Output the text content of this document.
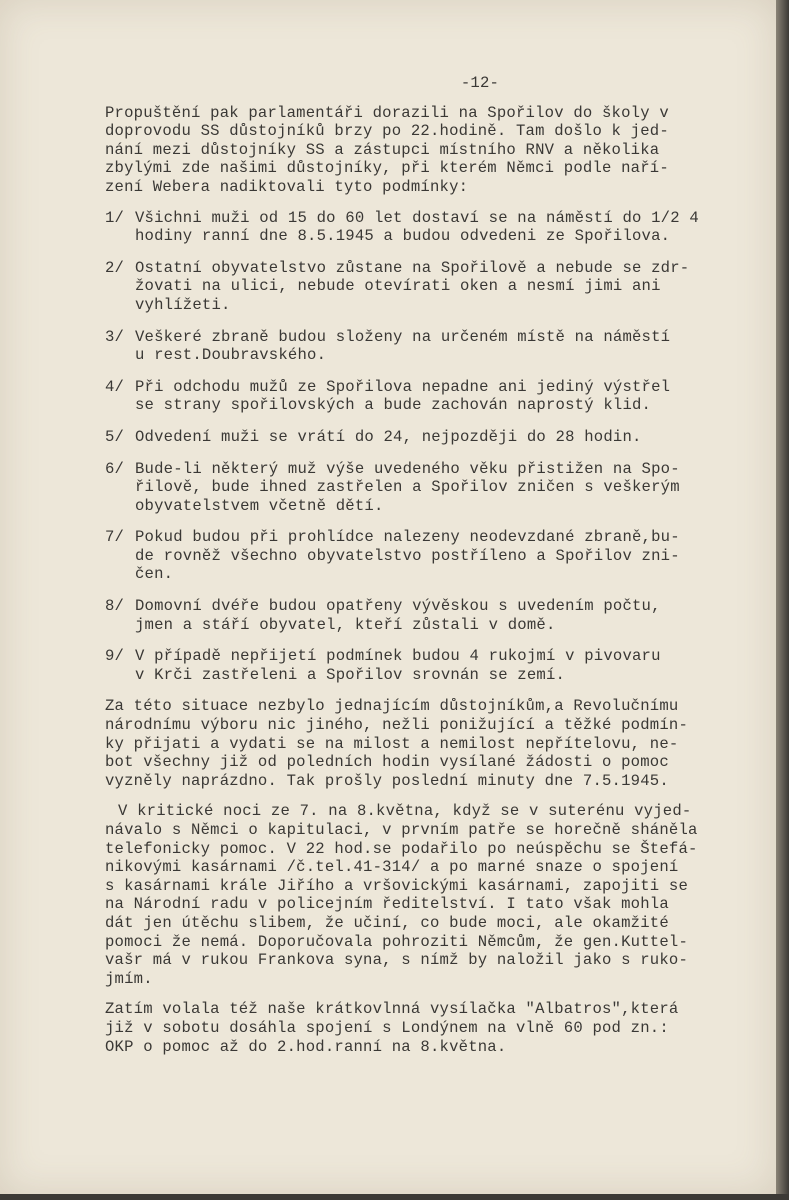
-12-
Propuštění pak parlamentáři dorazili na Spořilov do školy v
doprovodu SS důstojníků brzy po 22.hodině. Tam došlo k jed-
nání mezi důstojníky SS a zástupci místního RNV a několika
zbylými zde našimi důstojníky, při kterém Němci podle naří-
zení Webera nadiktovali tyto podmínky:
1/ Všichni muži od 15 do 60 let dostaví se na náměstí do 1/2 4
hodiny ranní dne 8.5.1945 a budou odvedeni ze Spořilova.
2/ Ostatní obyvatelstvo zůstane na Spořilově a nebude se zdr-
žovati na ulici, nebude otevírati oken a nesmí jimi ani
vyhlížeti.
3/ Veškeré zbraně budou složeny na určeném místě na náměstí
u rest.Doubravského.
4/ Při odchodu mužů ze Spořilova nepadne ani jediný výstřel
se strany spořilovských a bude zachován naprostý klid.
5/ Odvedení muži se vrátí do 24, nejpozději do 28 hodin.
6/ Bude-li některý muž výše uvedeného věku přistižen na Spo-
řilově, bude ihned zastřelen a Spořilov zničen s veškerým
obyvatelstvem včetně dětí.
7/ Pokud budou při prohlídce nalezeny neodevzdané zbraně,bu-
de rovněž všechno obyvatelstvo postříleno a Spořilov zni-
čen.
8/ Domovní dvéře budou opatřeny vývěskou s uvedením počtu,
jmen a stáří obyvatel, kteří zůstali v domě.
9/ V případě nepřijetí podmínek budou 4 rukojmí v pivovaru
v Krči zastřeleni a Spořilov srovnán se zemí.
Za této situace nezbylo jednajícím důstojníkům,a Revolučnímu
národnímu výboru nic jiného, nežli ponižující a těžké podmín-
ky přijati a vydati se na milost a nemilost nepřítelovu, ne-
bot všechny již od poledních hodin vysílané žádosti o pomoc
vyzněly naprázdno. Tak prošly poslední minuty dne 7.5.1945.
V kritické noci ze 7. na 8.května, když se v suterénu vyjed-
návalo s Němci o kapitulaci, v prvním patře se horečně sháněla
telefonicky pomoc. V 22 hod.se podařilo po neúspěchu se Štefá-
nikovými kasárnami /č.tel.41-314/ a po marné snaze o spojení
s kasárnami krále Jiřího a vršovickými kasárnami, zapojiti se
na Národní radu v policejním ředitelství. I tato však mohla
dát jen útěchu slibem, že učiní, co bude moci, ale okamžité
pomoci že nemá. Doporučovala pohroziti Němcům, že gen.Kuttel-
vašr má v rukou Frankova syna, s nímž by naložil jako s ruko-
jmím.
Zatím volala též naše krátkovlnná vysílačka "Albatros",která
již v sobotu dosáhla spojení s Londýnem na vlně 60 pod zn.:
OKP o pomoc až do 2.hod.ranní na 8.května.
